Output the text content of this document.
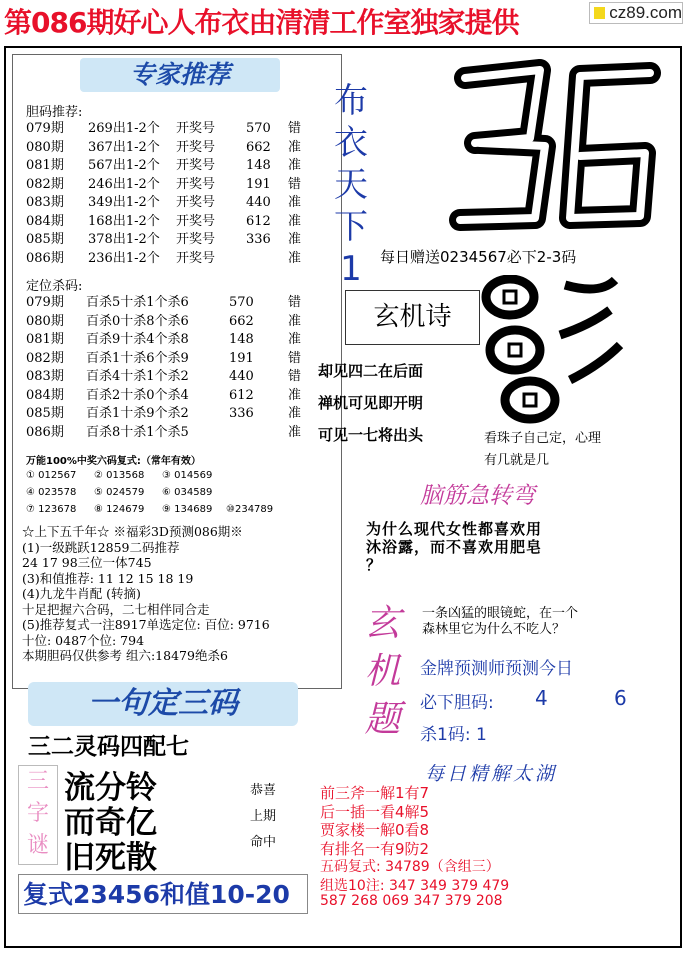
第086期好心人布衣由清清工作室独家提供	cz89.com
专家推荐
胆码推荐:
079期 269出1-2个 开奖号 570 错
080期 367出1-2个 开奖号 662 准
081期 567出1-2个 开奖号 148 准
082期 246出1-2个 开奖号 191 错
083期 349出1-2个 开奖号 440 准
084期 168出1-2个 开奖号 612 准
085期 378出1-2个 开奖号 336 准
086期 236出1-2个 开奖号	准
定位杀码:
079期 百杀5十杀1个杀6	570	错
080期 百杀0十杀8个杀6	662	准
081期 百杀9十杀4个杀8	148	准
082期 百杀1十杀6个杀9	191	错
083期 百杀4十杀1个杀2	440	错
084期 百杀2十杀0个杀4	612	准
085期 百杀1十杀9个杀2	336	准
086期 百杀8十杀1个杀5	准
万能100%中奖六码复式:（常年有效）
① 012567 ② 013568 ③ 014569
④ 023578 ⑤ 024579 ⑥ 034589
⑦ 123678 ⑧ 124679 ⑨ 134689 ⑩234789
☆上下五千年☆ ※福彩3D预测086期※
(1)一级跳跃12859二码推荐
24 17 98三位一体745
(3)和值推荐: 11 12 15 18 19
(4)九龙牛肖配 (转摘)
十足把握六合码，二七相伴同合走
(5)推荐复式一注8917单选定位: 百位: 9716
十位: 0487个位: 794
本期胆码仅供参考 组六:18479绝杀6
布
衣
天
下
1	每日赠送0234567必下2-3码
玄机诗
却见四二在后面
禅机可见即开明
可见一七将出头	看珠子自己定，心理
有几就是几
脑筋急转弯
为什么现代女性都喜欢用
沐浴露，而不喜欢用肥皂
？
玄
机
题
一条凶猛的眼镜蛇，在一个
森林里它为什么不吃人？
金牌预测师预测今日
必下胆码: 4	6
杀1码: 1
每日精解太湖
一句定三码
三二灵码四配七
三
字
谜
流分铃
而奇亿
旧死散
恭喜
上期
命中
复式23456和值10-20
前三斧一解1有7
后一插一看4解5
贾家楼一解0看8
有排名一有9防2
五码复式: 34789（含组三）
组选10注: 347 349 379 479
587 268 069 347 379 208
